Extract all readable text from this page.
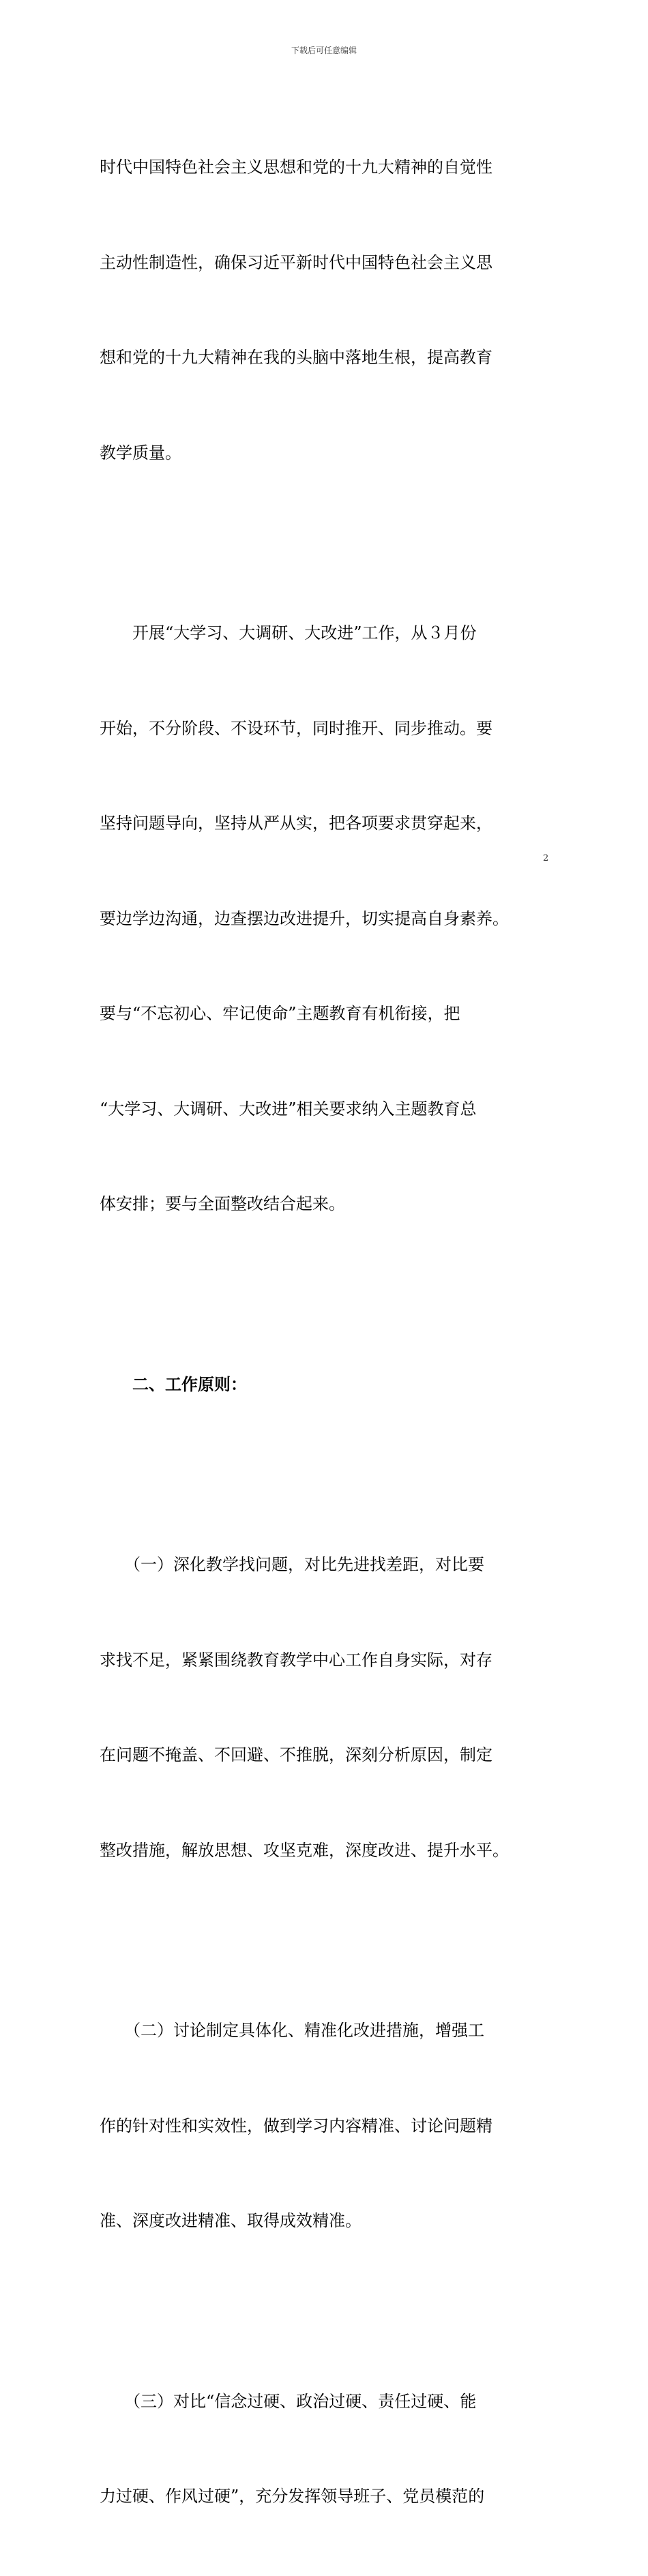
下载后可任意编辑

时代中国特色社会主义思想和党的十九大精神的自觉性

主动性制造性，确保习近平新时代中国特色社会主义思

想和党的十九大精神在我的头脑中落地生根，提高教育

教学质量。

　　开展“大学习、大调研、大改进”工作，从３月份

开始，不分阶段、不设环节，同时推开、同步推动。要

坚持问题导向，坚持从严从实，把各项要求贯穿起来，

要边学边沟通，边查摆边改进提升，切实提高自身素养。

要与“不忘初心、牢记使命”主题教育有机衔接，把

“大学习、大调研、大改进”相关要求纳入主题教育总

体安排；要与全面整改结合起来。

　　二、工作原则：

　　（一）深化教学找问题，对比先进找差距，对比要

求找不足，紧紧围绕教育教学中心工作自身实际，对存

在问题不掩盖、不回避、不推脱，深刻分析原因，制定

整改措施，解放思想、攻坚克难，深度改进、提升水平。

　　（二）讨论制定具体化、精准化改进措施，增强工

作的针对性和实效性，做到学习内容精准、讨论问题精

准、深度改进精准、取得成效精准。

　　（三）对比“信念过硬、政治过硬、责任过硬、能

力过硬、作风过硬”，充分发挥领导班子、党员模范的

2
